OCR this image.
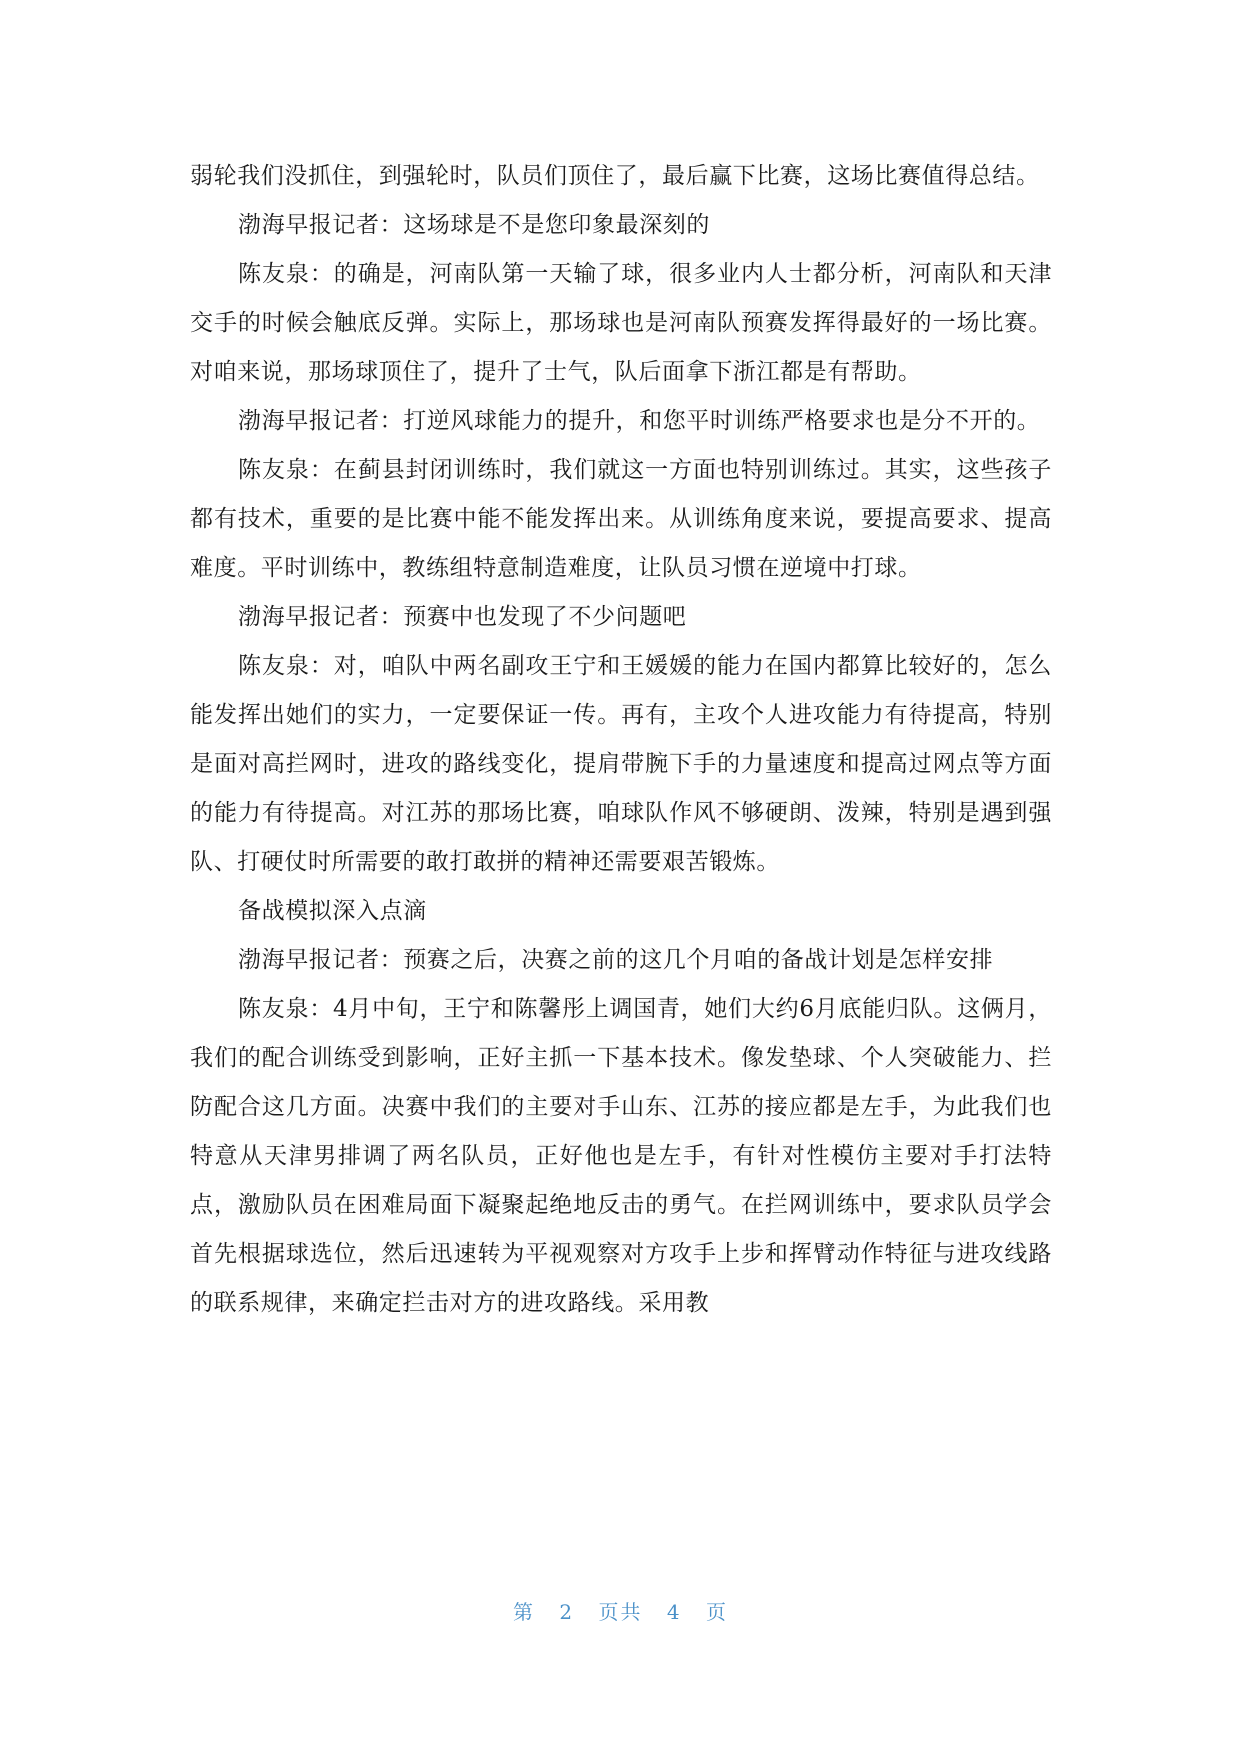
弱轮我们没抓住，到强轮时，队员们顶住了，最后赢下比赛，这场比赛值得总结。

渤海早报记者：这场球是不是您印象最深刻的

陈友泉：的确是，河南队第一天输了球，很多业内人士都分析，河南队和天津交手的时候会触底反弹。实际上，那场球也是河南队预赛发挥得最好的一场比赛。对咱来说，那场球顶住了，提升了士气，队后面拿下浙江都是有帮助。

渤海早报记者：打逆风球能力的提升，和您平时训练严格要求也是分不开的。

陈友泉：在蓟县封闭训练时，我们就这一方面也特别训练过。其实，这些孩子都有技术，重要的是比赛中能不能发挥出来。从训练角度来说，要提高要求、提高难度。平时训练中，教练组特意制造难度，让队员习惯在逆境中打球。

渤海早报记者：预赛中也发现了不少问题吧

陈友泉：对，咱队中两名副攻王宁和王媛媛的能力在国内都算比较好的，怎么能发挥出她们的实力，一定要保证一传。再有，主攻个人进攻能力有待提高，特别是面对高拦网时，进攻的路线变化，提肩带腕下手的力量速度和提高过网点等方面的能力有待提高。对江苏的那场比赛，咱球队作风不够硬朗、泼辣，特别是遇到强队、打硬仗时所需要的敢打敢拼的精神还需要艰苦锻炼。

备战模拟深入点滴

渤海早报记者：预赛之后，决赛之前的这几个月咱的备战计划是怎样安排

陈友泉：4月中旬，王宁和陈馨彤上调国青，她们大约6月底能归队。这俩月，我们的配合训练受到影响，正好主抓一下基本技术。像发垫球、个人突破能力、拦防配合这几方面。决赛中我们的主要对手山东、江苏的接应都是左手，为此我们也特意从天津男排调了两名队员，正好他也是左手，有针对性模仿主要对手打法特点，激励队员在困难局面下凝聚起绝地反击的勇气。在拦网训练中，要求队员学会首先根据球选位，然后迅速转为平视观察对方攻手上步和挥臂动作特征与进攻线路的联系规律，来确定拦击对方的进攻路线。采用教

第 2 页共 4 页
